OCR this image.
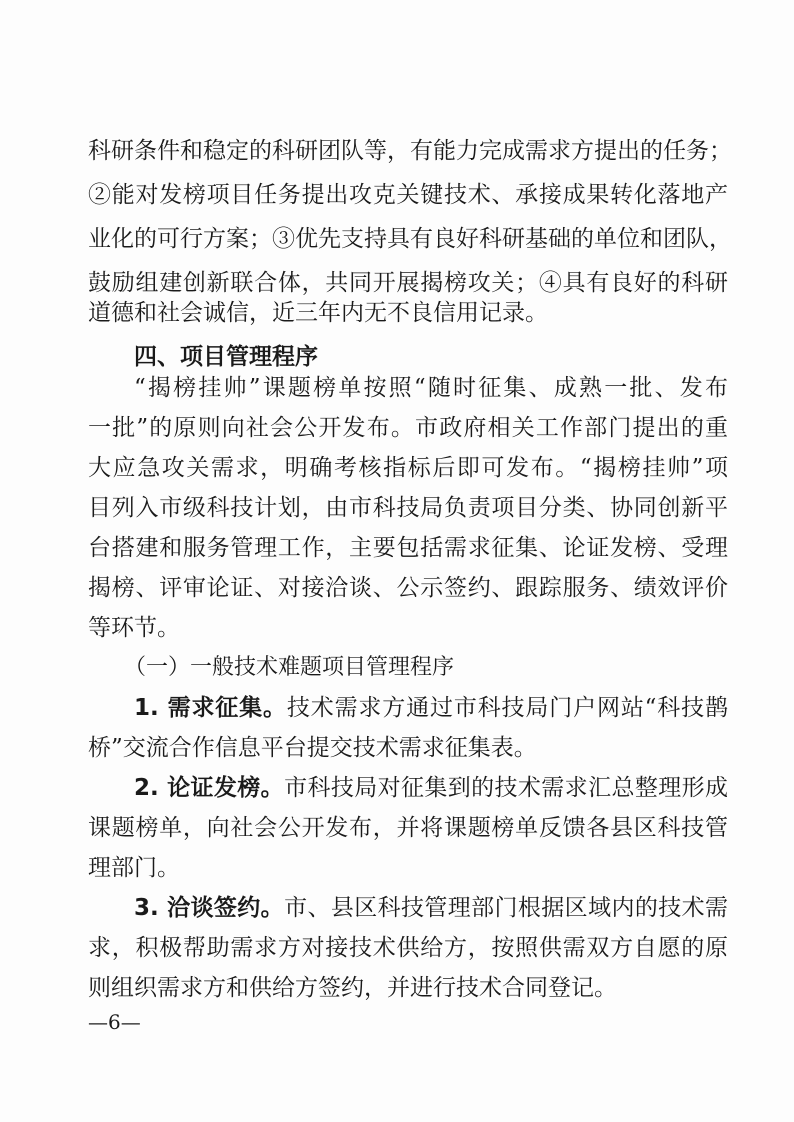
科研条件和稳定的科研团队等，有能力完成需求方提出的任务；
②能对发榜项目任务提出攻克关键技术、承接成果转化落地产
业化的可行方案；③优先支持具有良好科研基础的单位和团队，
鼓励组建创新联合体，共同开展揭榜攻关；④具有良好的科研
道德和社会诚信，近三年内无不良信用记录。
四、项目管理程序
“揭榜挂帅”课题榜单按照“随时征集、成熟一批、发布
一批”的原则向社会公开发布。市政府相关工作部门提出的重
大应急攻关需求，明确考核指标后即可发布。“揭榜挂帅”项
目列入市级科技计划，由市科技局负责项目分类、协同创新平
台搭建和服务管理工作，主要包括需求征集、论证发榜、受理
揭榜、评审论证、对接洽谈、公示签约、跟踪服务、绩效评价
等环节。
（一）一般技术难题项目管理程序
1. 需求征集。技术需求方通过市科技局门户网站“科技鹊
桥”交流合作信息平台提交技术需求征集表。
2. 论证发榜。市科技局对征集到的技术需求汇总整理形成
课题榜单，向社会公开发布，并将课题榜单反馈各县区科技管
理部门。
3. 洽谈签约。市、县区科技管理部门根据区域内的技术需
求，积极帮助需求方对接技术供给方，按照供需双方自愿的原
则组织需求方和供给方签约，并进行技术合同登记。
—6—
